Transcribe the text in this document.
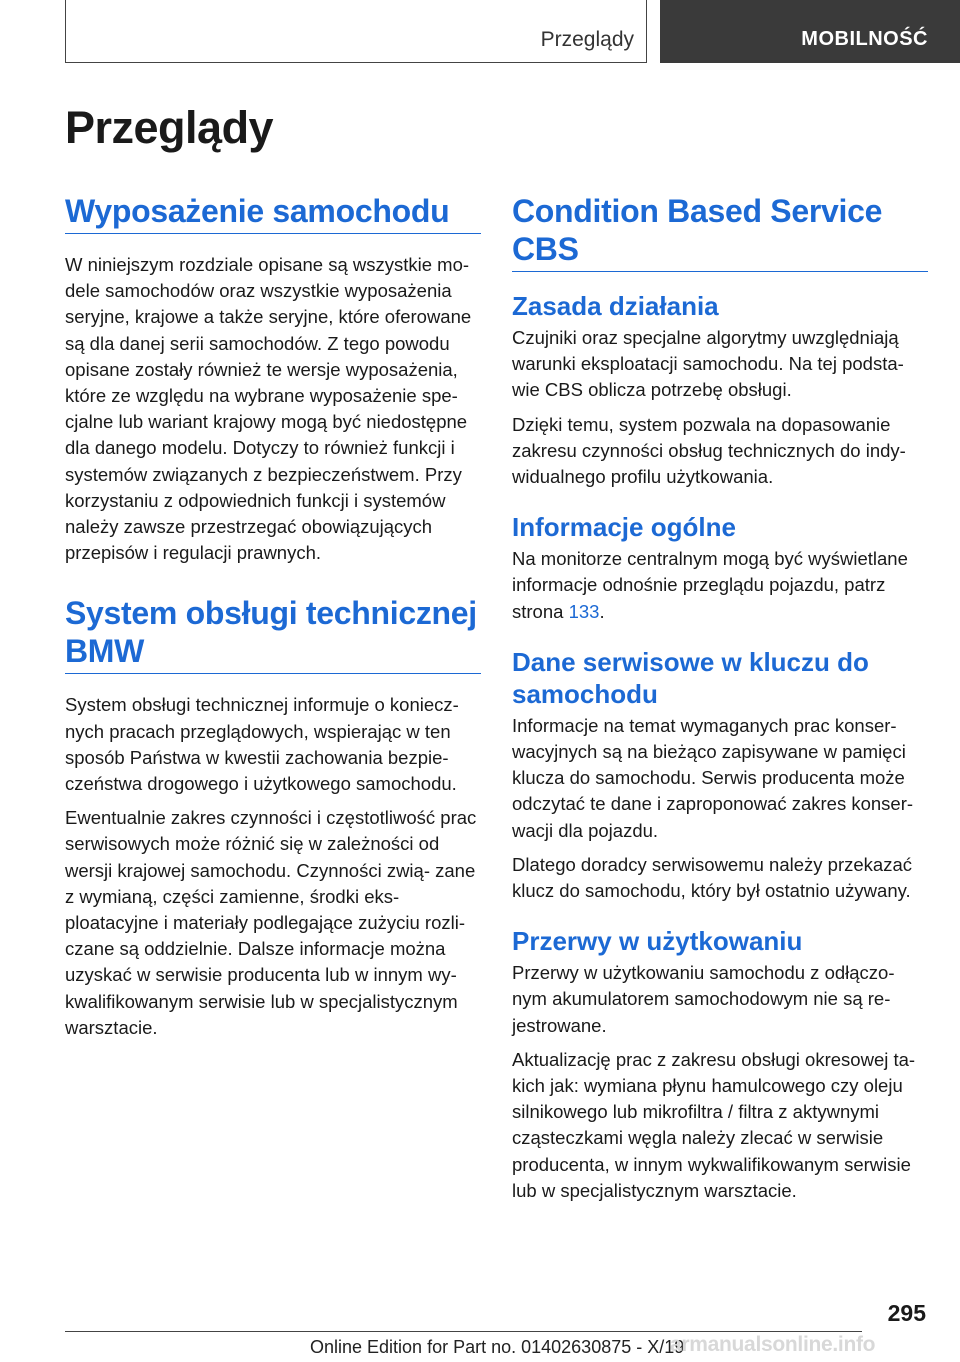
Przeglądy	MOBILNOŚĆ
Przeglądy
Wyposażenie samochodu

W niniejszym rozdziale opisane są wszystkie mo- dele samochodów oraz wszystkie wyposażenia seryjne, krajowe a także seryjne, które oferowane są dla danej serii samochodów. Z tego powodu opisane zostały również te wersje wyposażenia, które ze względu na wybrane wyposażenie spe- cjalne lub wariant krajowy mogą być niedostępne dla danego modelu. Dotyczy to również funkcji i systemów związanych z bezpieczeństwem. Przy korzystaniu z odpowiednich funkcji i systemów należy zawsze przestrzegać obowiązujących przepisów i regulacji prawnych.

System obsługi technicznej BMW

System obsługi technicznej informuje o koniecz- nych pracach przeglądowych, wspierając w ten sposób Państwa w kwestii zachowania bezpie- czeństwa drogowego i użytkowego samochodu.

Ewentualnie zakres czynności i częstotliwość prac serwisowych może różnić się w zależności od wersji krajowej samochodu. Czynności zwią- zane z wymianą, części zamienne, środki eks- ploatacyjne i materiały podlegające zużyciu rozli- czane są oddzielnie. Dalsze informacje można uzyskać w serwisie producenta lub w innym wy- kwalifikowanym serwisie lub w specjalistycznym warsztacie.

Condition Based Service CBS
Zasada działania

Czujniki oraz specjalne algorytmy uwzględniają warunki eksploatacji samochodu. Na tej podsta- wie CBS oblicza potrzebę obsługi.

Dzięki temu, system pozwala na dopasowanie zakresu czynności obsług technicznych do indy- widualnego profilu użytkowania.

Informacje ogólne

Na monitorze centralnym mogą być wyświetlane informacje odnośnie przeglądu pojazdu, patrz strona 133.

Dane serwisowe w kluczu do samochodu

Informacje na temat wymaganych prac konser- wacyjnych są na bieżąco zapisywane w pamięci klucza do samochodu. Serwis producenta może odczytać te dane i zaproponować zakres konser- wacji dla pojazdu.

Dlatego doradcy serwisowemu należy przekazać klucz do samochodu, który był ostatnio używany.

Przerwy w użytkowaniu

Przerwy w użytkowaniu samochodu z odłączo- nym akumulatorem samochodowym nie są re- jestrowane.

Aktualizację prac z zakresu obsługi okresowej ta- kich jak: wymiana płynu hamulcowego czy oleju silnikowego lub mikrofiltra / filtra z aktywnymi cząsteczkami węgla należy zlecać w serwisie producenta, w innym wykwalifikowanym serwisie lub w specjalistycznym warsztacie.

295
Online Edition for Part no. 01402630875 - X/19
armanualsonline.info
